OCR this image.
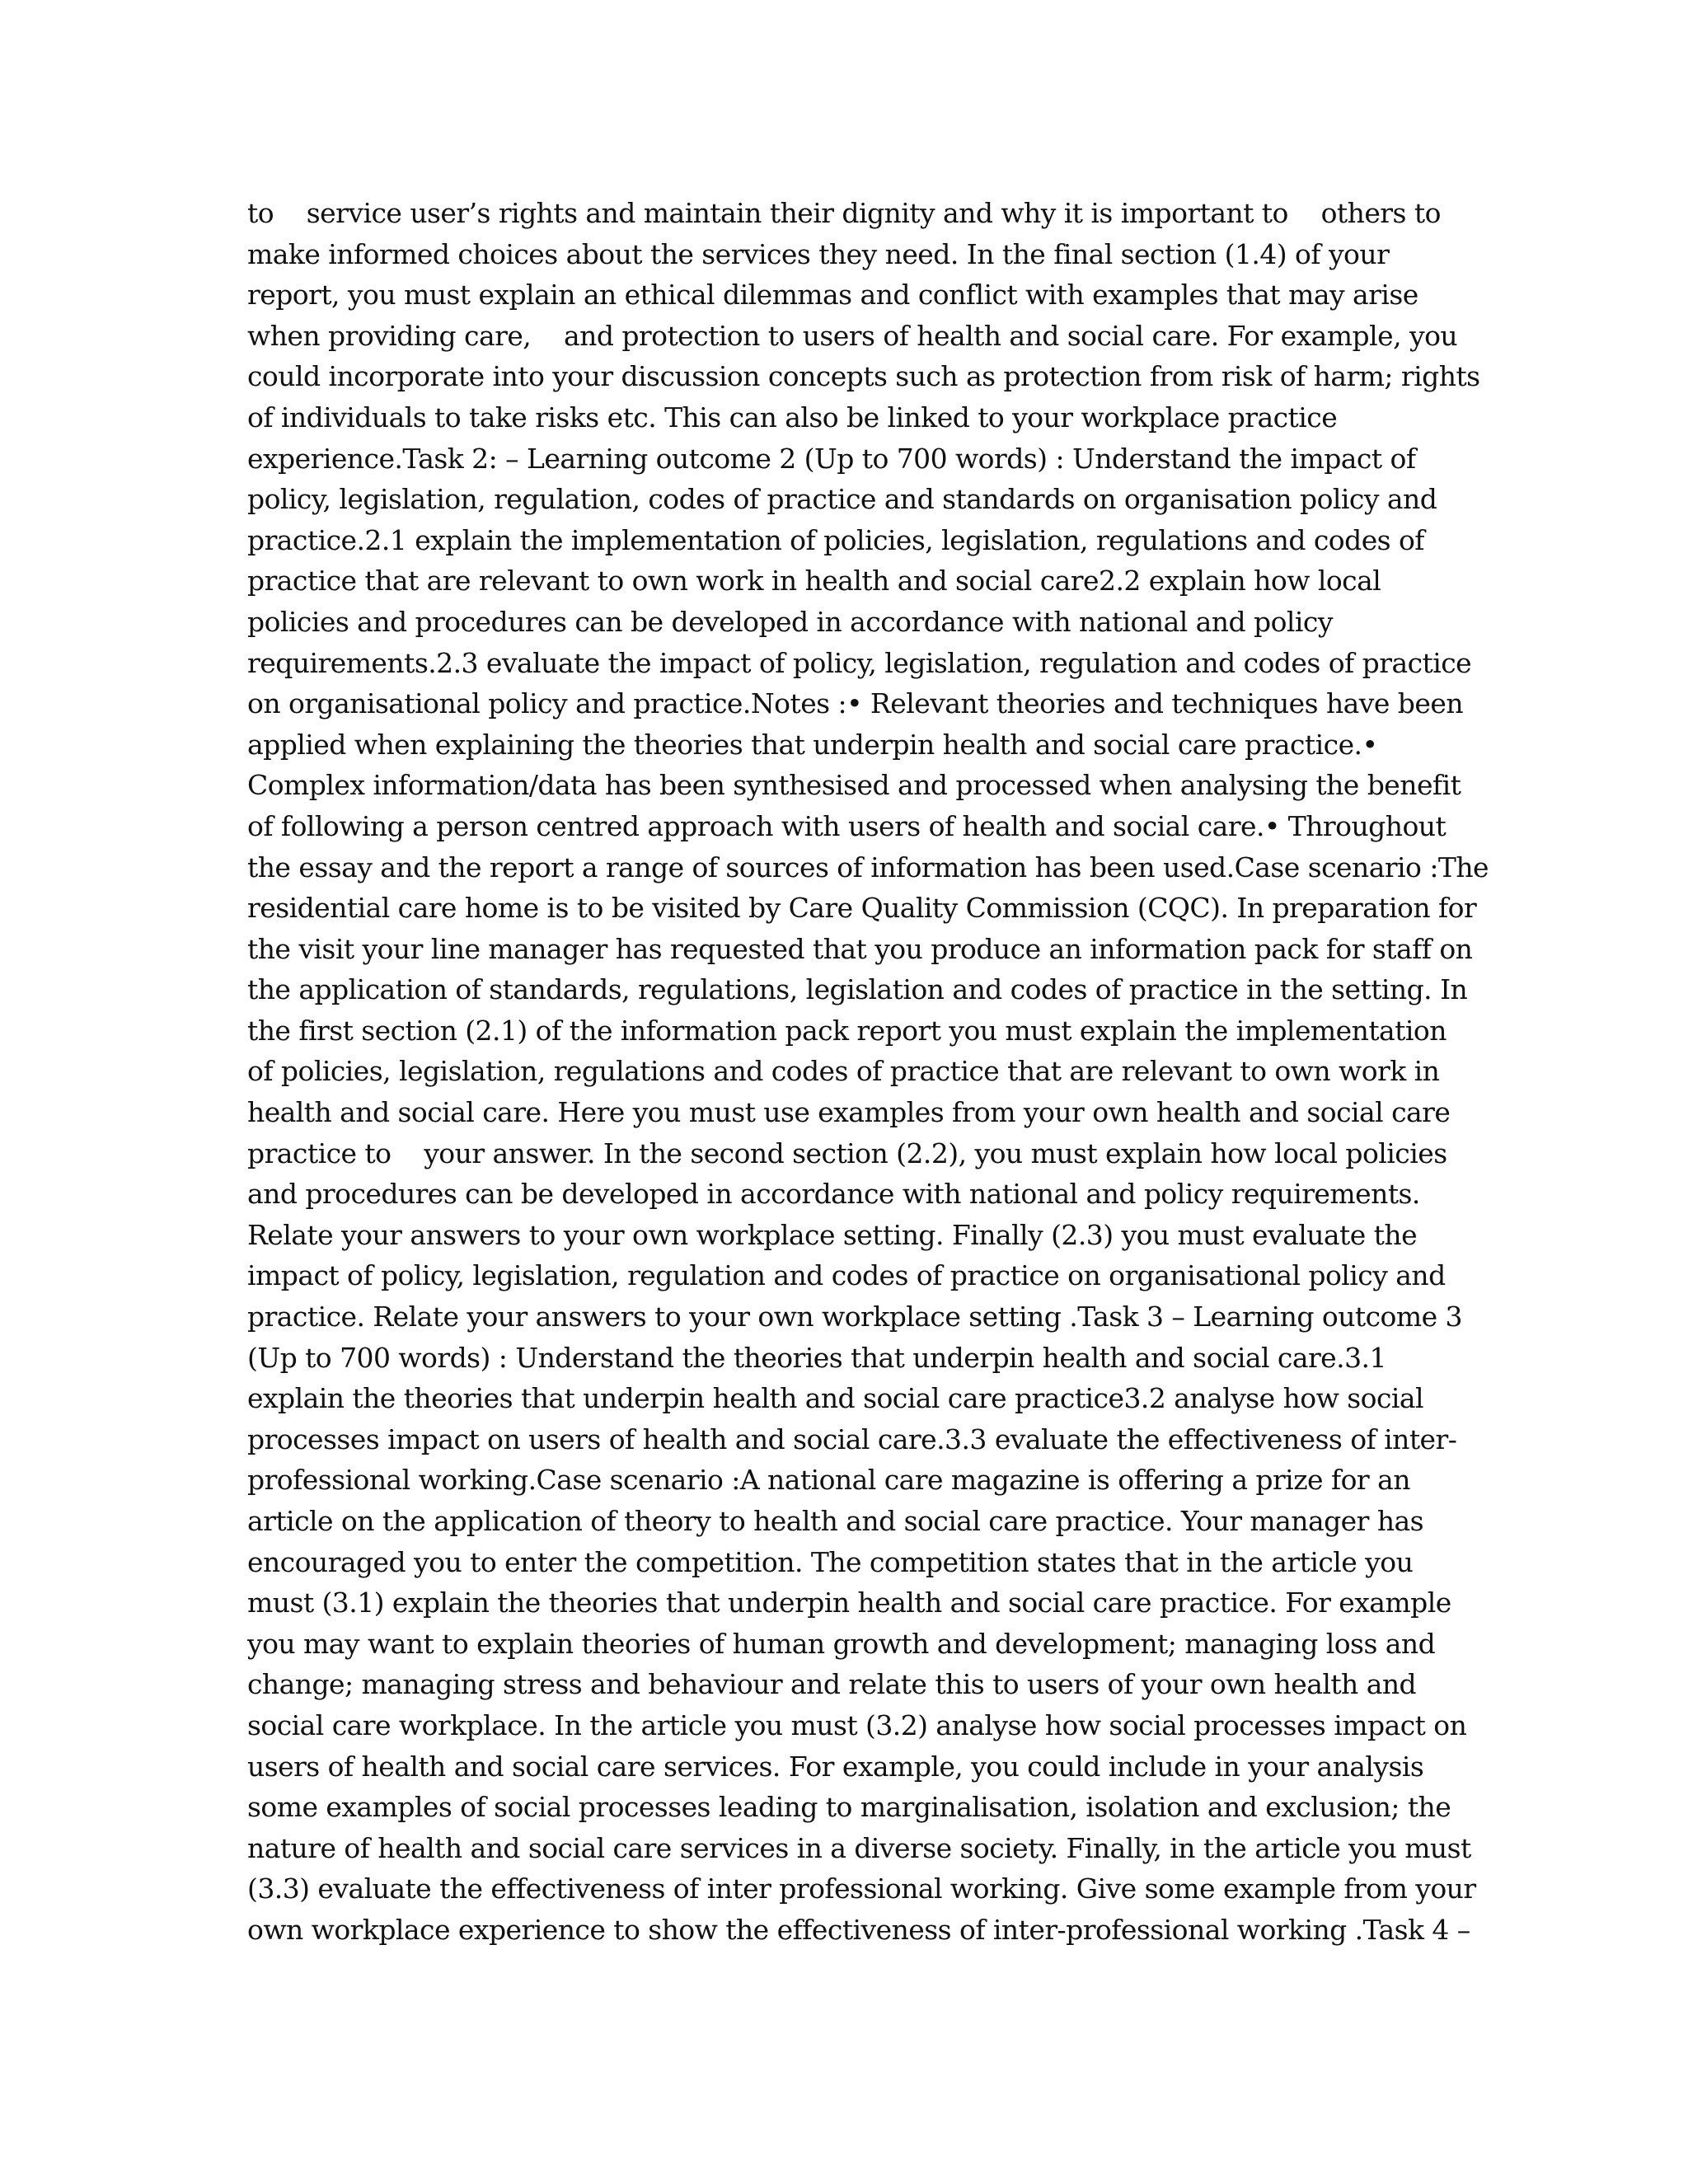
to    service user’s rights and maintain their dignity and why it is important to    others to
make informed choices about the services they need. In the final section (1.4) of your
report, you must explain an ethical dilemmas and conflict with examples that may arise
when providing care,    and protection to users of health and social care. For example, you
could incorporate into your discussion concepts such as protection from risk of harm; rights
of individuals to take risks etc. This can also be linked to your workplace practice
experience.Task 2: – Learning outcome 2 (Up to 700 words) : Understand the impact of
policy, legislation, regulation, codes of practice and standards on organisation policy and
practice.2.1 explain the implementation of policies, legislation, regulations and codes of
practice that are relevant to own work in health and social care2.2 explain how local
policies and procedures can be developed in accordance with national and policy
requirements.2.3 evaluate the impact of policy, legislation, regulation and codes of practice
on organisational policy and practice.Notes :• Relevant theories and techniques have been
applied when explaining the theories that underpin health and social care practice.•
Complex information/data has been synthesised and processed when analysing the benefit
of following a person centred approach with users of health and social care.• Throughout
the essay and the report a range of sources of information has been used.Case scenario :The
residential care home is to be visited by Care Quality Commission (CQC). In preparation for
the visit your line manager has requested that you produce an information pack for staff on
the application of standards, regulations, legislation and codes of practice in the setting. In
the first section (2.1) of the information pack report you must explain the implementation
of policies, legislation, regulations and codes of practice that are relevant to own work in
health and social care. Here you must use examples from your own health and social care
practice to    your answer. In the second section (2.2), you must explain how local policies
and procedures can be developed in accordance with national and policy requirements.
Relate your answers to your own workplace setting. Finally (2.3) you must evaluate the
impact of policy, legislation, regulation and codes of practice on organisational policy and
practice. Relate your answers to your own workplace setting .Task 3 – Learning outcome 3
(Up to 700 words) : Understand the theories that underpin health and social care.3.1
explain the theories that underpin health and social care practice3.2 analyse how social
processes impact on users of health and social care.3.3 evaluate the effectiveness of inter-
professional working.Case scenario :A national care magazine is offering a prize for an
article on the application of theory to health and social care practice. Your manager has
encouraged you to enter the competition. The competition states that in the article you
must (3.1) explain the theories that underpin health and social care practice. For example
you may want to explain theories of human growth and development; managing loss and
change; managing stress and behaviour and relate this to users of your own health and
social care workplace. In the article you must (3.2) analyse how social processes impact on
users of health and social care services. For example, you could include in your analysis
some examples of social processes leading to marginalisation, isolation and exclusion; the
nature of health and social care services in a diverse society. Finally, in the article you must
(3.3) evaluate the effectiveness of inter professional working. Give some example from your
own workplace experience to show the effectiveness of inter-professional working .Task 4 –
